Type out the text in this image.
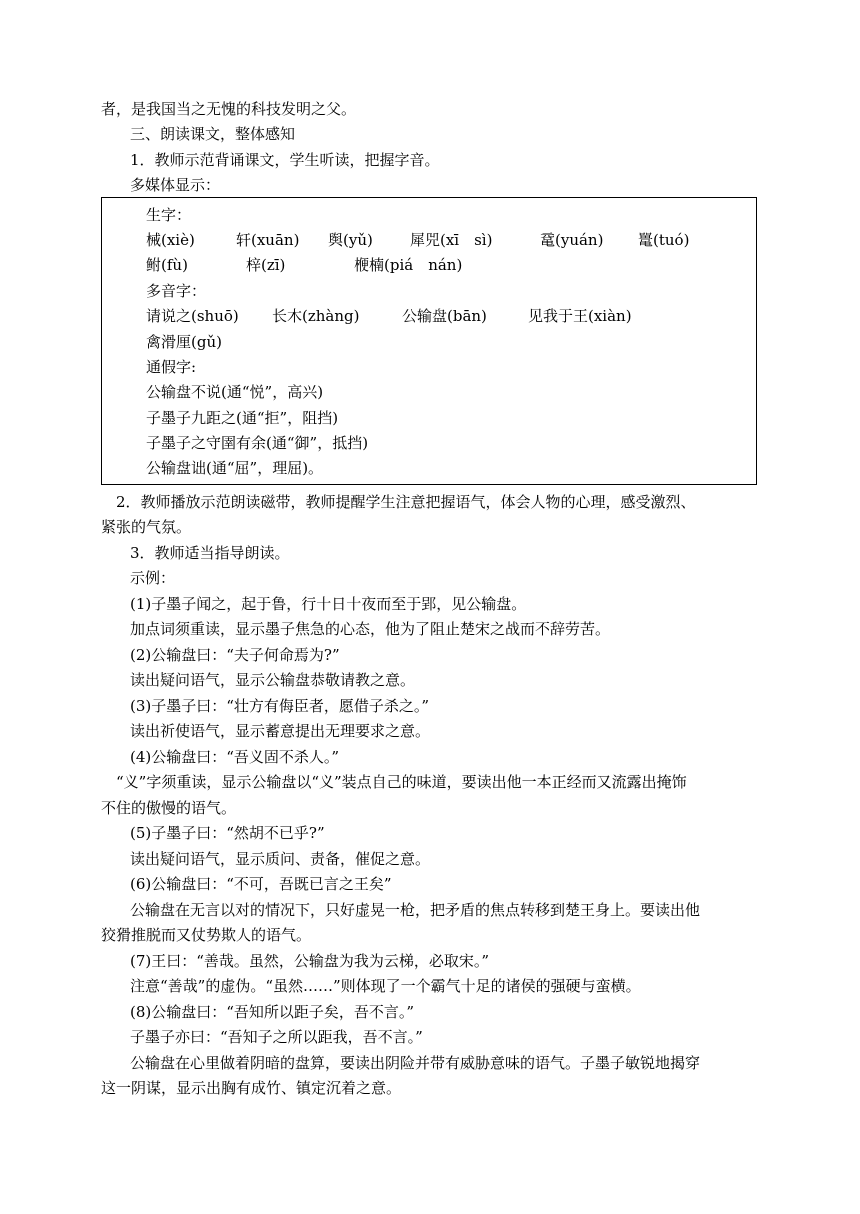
者，是我国当之无愧的科技发明之父。
三、朗读课文，整体感知
1．教师示范背诵课文，学生听读，把握字音。
多媒体显示：
生字：
械(xiè)	轩(xuān)	舆(yǔ)	犀兕(xī　sì)	鼋(yuán)	鼍(tuó)
鲋(fù)	梓(zī)	楩楠(piá　nán)
多音字：
请说之(shuō)	长木(zhàng)	公输盘(bān)	见我于王(xiàn)
禽滑厘(gǔ)
通假字:
公输盘不说(通“悦”，高兴)
子墨子九距之(通“拒”，阻挡)
子墨子之守圉有余(通“御”，抵挡)
公输盘诎(通“屈”，理屈)。
2．教师播放示范朗读磁带，教师提醒学生注意把握语气，体会人物的心理，感受激烈、
紧张的气氛。
3．教师适当指导朗读。
示例：
(1)子墨子闻之，起于鲁，行十日十夜而至于郢，见公输盘。
加点词须重读，显示墨子焦急的心态，他为了阻止楚宋之战而不辞劳苦。
(2)公输盘曰：“夫子何命焉为?”
读出疑问语气，显示公输盘恭敬请教之意。
(3)子墨子曰：“壮方有侮臣者，愿借子杀之。”
读出祈使语气，显示蓄意提出无理要求之意。
(4)公输盘曰：“吾义固不杀人。”
“义”字须重读，显示公输盘以“义”装点自己的味道，要读出他一本正经而又流露出掩饰
不住的傲慢的语气。
(5)子墨子曰：“然胡不已乎?”
读出疑问语气，显示质问、责备，催促之意。
(6)公输盘曰：“不可，吾既已言之王矣”
公输盘在无言以对的情况下，只好虚晃一枪，把矛盾的焦点转移到楚王身上。要读出他
狡猾推脱而又仗势欺人的语气。
(7)王曰：“善哉。虽然，公输盘为我为云梯，必取宋。”
注意“善哉”的虚伪。“虽然……”则体现了一个霸气十足的诸侯的强硬与蛮横。
(8)公输盘曰：“吾知所以距子矣，吾不言。”
子墨子亦曰：“吾知子之所以距我，吾不言。”
公输盘在心里做着阴暗的盘算，要读出阴险并带有威胁意味的语气。子墨子敏锐地揭穿
这一阴谋，显示出胸有成竹、镇定沉着之意。
